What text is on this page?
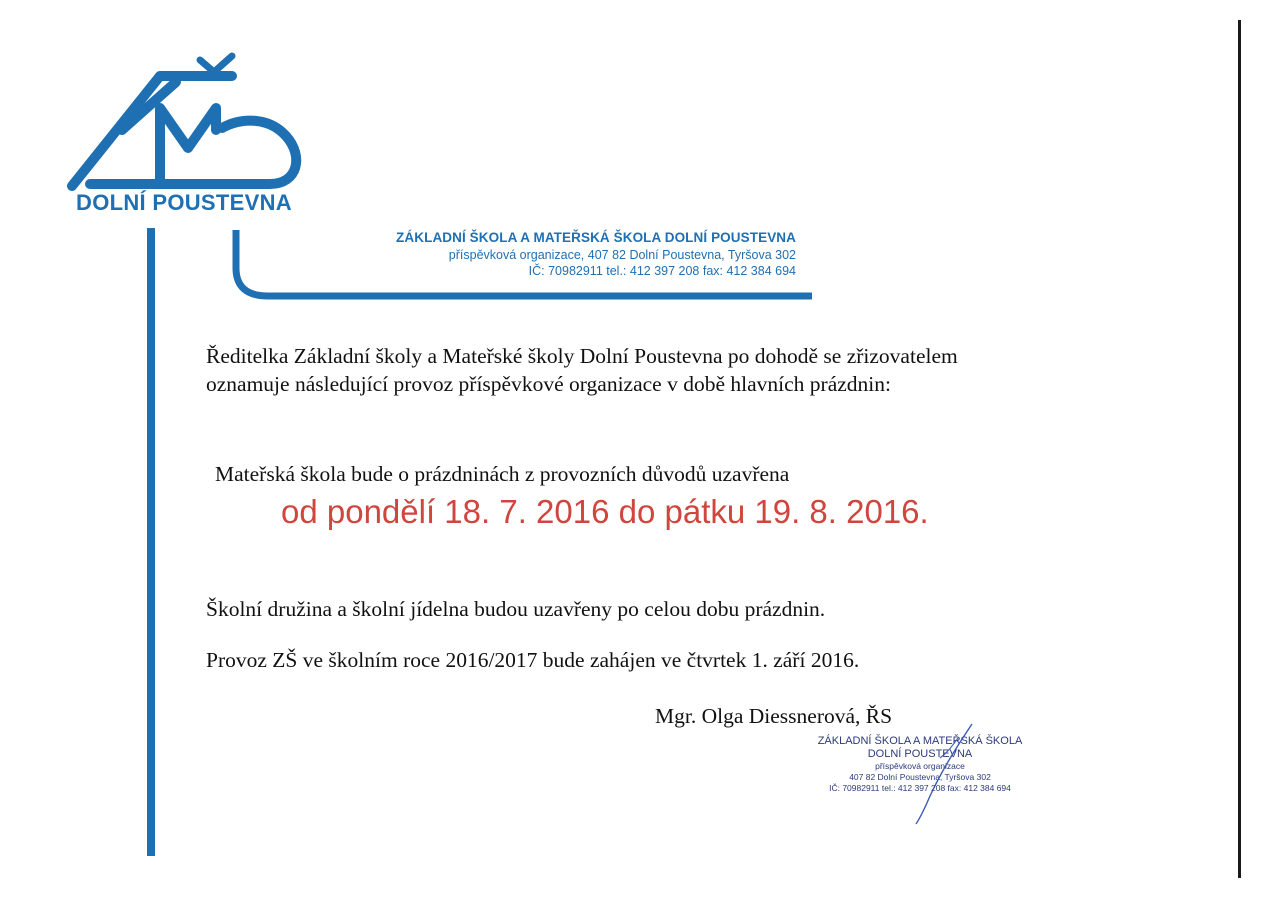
DOLNÍ POUSTEVNA
ZÁKLADNÍ ŠKOLA A MATEŘSKÁ ŠKOLA DOLNÍ POUSTEVNA
příspěvková organizace, 407 82 Dolní Poustevna, Tyršova 302
IČ: 70982911 tel.: 412 397 208 fax: 412 384 694

Ředitelka Základní školy a Mateřské školy Dolní Poustevna po dohodě se zřizovatelem oznamuje následující provoz příspěvkové organizace v době hlavních prázdnin:

Mateřská škola bude o prázdninách z provozních důvodů uzavřena
od pondělí 18. 7. 2016 do pátku 19. 8. 2016.
Školní družina a školní jídelna budou uzavřeny po celou dobu prázdnin.
Provoz ZŠ ve školním roce 2016/2017 bude zahájen ve čtvrtek 1. září 2016.
Mgr. Olga Diessnerová, ŘS
ZÁKLADNÍ ŠKOLA A MATEŘSKÁ ŠKOLA
DOLNÍ POUSTEVNA
příspěvková organizace
407 82 Dolní Poustevna, Tyršova 302
IČ: 70982911 tel.: 412 397 208 fax: 412 384 694
